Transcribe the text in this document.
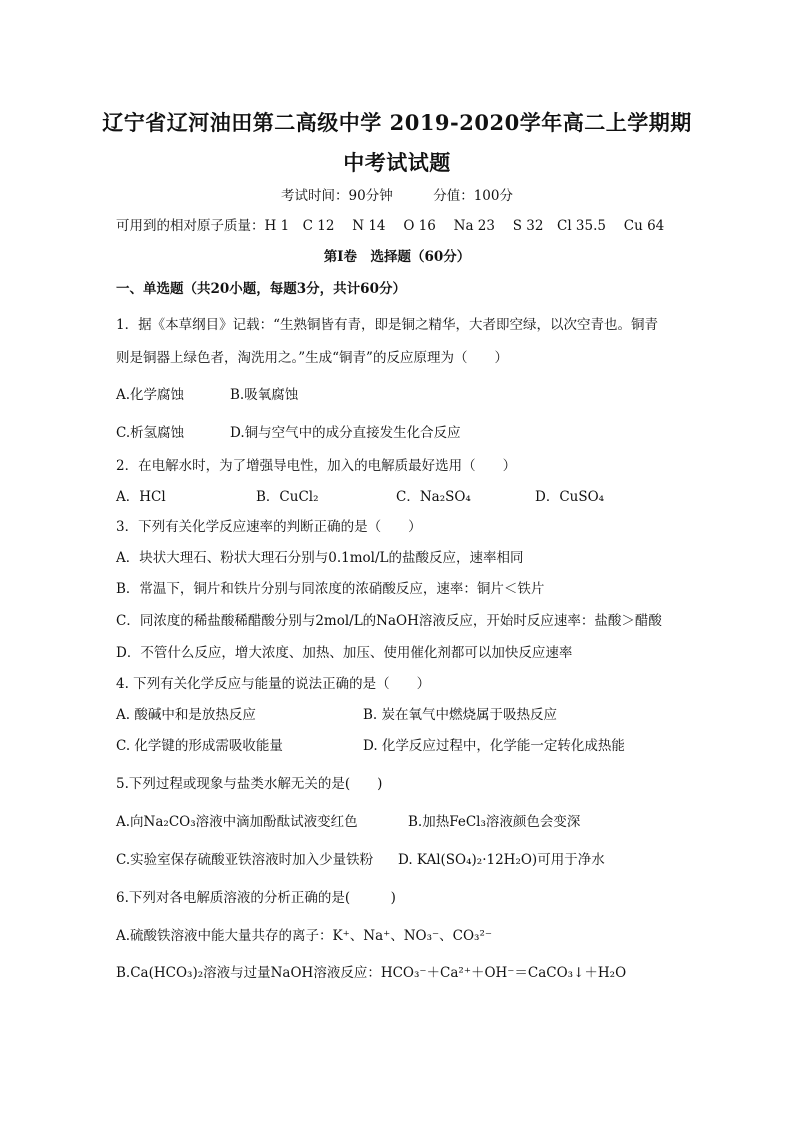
辽宁省辽河油田第二高级中学 2019-2020学年高二上学期期
中考试试题
考试时间：90分钟　　　分值：100分
可用到的相对原子质量：H 1　C 12　 N 14　 O 16　 Na 23　 S 32　Cl 35.5　 Cu 64
第Ⅰ卷　选择题（60分）
一、单选题（共20小题，每题3分，共计60分）
1．据《本草纲目》记载：“生熟铜皆有青，即是铜之精华，大者即空绿，以次空青也。铜青
则是铜器上绿色者，淘洗用之。”生成“铜青”的反应原理为（　　）
A.化学腐蚀	B.吸氧腐蚀
C.析氢腐蚀	D.铜与空气中的成分直接发生化合反应
2．在电解水时，为了增强导电性，加入的电解质最好选用（　　）
A．HCl	B．CuCl₂	C．Na₂SO₄	D．CuSO₄
3．下列有关化学反应速率的判断正确的是（　　）
A．块状大理石、粉状大理石分别与0.1mol/L的盐酸反应，速率相同
B．常温下，铜片和铁片分别与同浓度的浓硝酸反应，速率：铜片＜铁片
C．同浓度的稀盐酸稀醋酸分别与2mol/L的NaOH溶液反应，开始时反应速率：盐酸＞醋酸
D．不管什么反应，增大浓度、加热、加压、使用催化剂都可以加快反应速率
4. 下列有关化学反应与能量的说法正确的是（　　）
A. 酸碱中和是放热反应	B. 炭在氧气中燃烧属于吸热反应
C. 化学键的形成需吸收能量	D. 化学反应过程中，化学能一定转化成热能
5.下列过程或现象与盐类水解无关的是(　　)
A.向Na₂CO₃溶液中滴加酚酞试液变红色	B.加热FeCl₃溶液颜色会变深
C.实验室保存硫酸亚铁溶液时加入少量铁粉 D. KAl(SO₄)₂·12H₂O)可用于净水
6.下列对各电解质溶液的分析正确的是(　　　)
A.硫酸铁溶液中能大量共存的离子：K⁺、Na⁺、NO₃⁻、CO₃²⁻
B.Ca(HCO₃)₂溶液与过量NaOH溶液反应：HCO₃⁻＋Ca²⁺＋OH⁻＝CaCO₃↓＋H₂O
